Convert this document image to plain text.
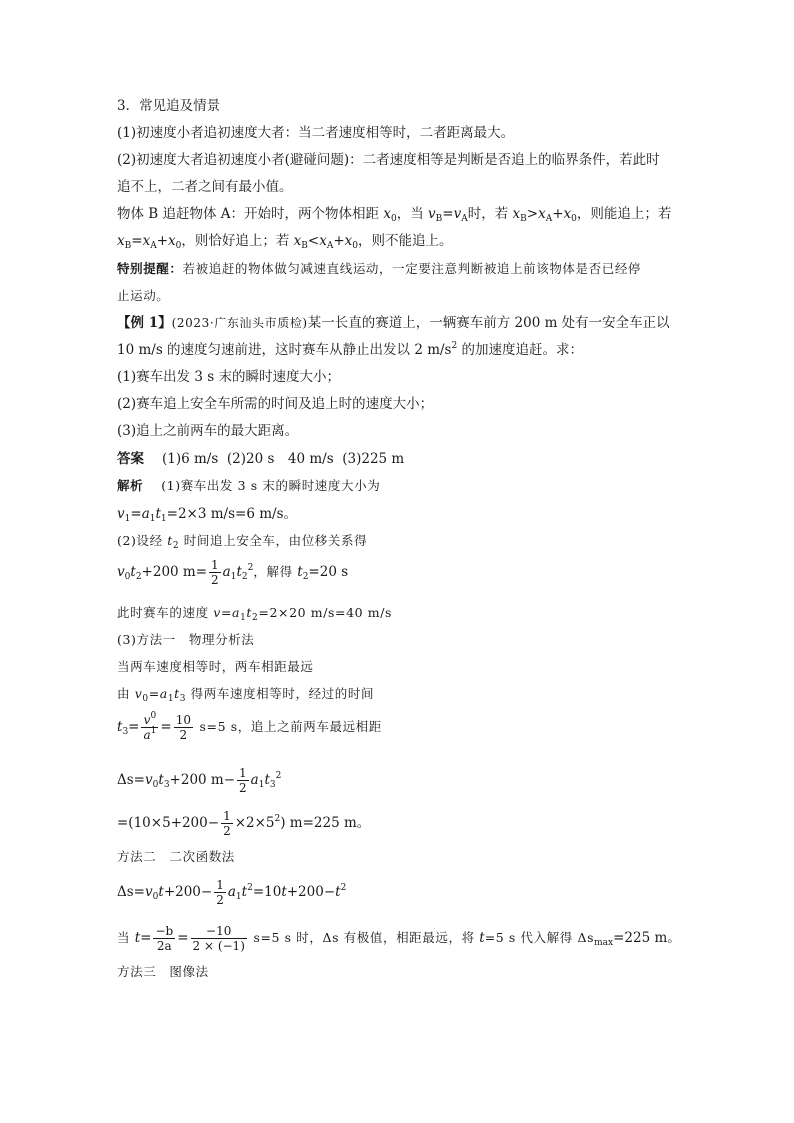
3．常见追及情景
(1)初速度小者追初速度大者：当二者速度相等时，二者距离最大。
(2)初速度大者追初速度小者(避碰问题)：二者速度相等是判断是否追上的临界条件，若此时
追不上，二者之间有最小值。
物体 B 追赶物体 A：开始时，两个物体相距 $x_0$，当 $v_B=v_A$时，若 $x_B>x_A+x_0$，则能追上；若
$x_B=x_A+x_0$，则恰好追上；若 $x_B<x_A+x_0$，则不能追上。
特别提醒：若被追赶的物体做匀减速直线运动，一定要注意判断被追上前该物体是否已经停
止运动。
【例 1】(2023·广东汕头市质检)某一长直的赛道上，一辆赛车前方 200 m 处有一安全车正以
10 m/s 的速度匀速前进，这时赛车从静止出发以 2 $m/s^2$ 的加速度追赶。求：
(1)赛车出发 3 s 末的瞬时速度大小；
(2)赛车追上安全车所需的时间及追上时的速度大小；
(3)追上之前两车的最大距离。
答案 (1)6 m/s (2)20 s　40 m/s (3)225 m
解析 (1)赛车出发 3 s 末的瞬时速度大小为
$v_1=a_1t_1=2\times 3$ m/s=6 m/s。
(2)设经 $t_2$ 时间追上安全车，由位移关系得
$v_0t_2+200$ $m= \frac{1}{2} a_1t_2^2$，解得 $t_2=20$ s
此时赛车的速度 $v=a_1t_2=2\times 20$ m/s=40 m/s
(3)方法一　物理分析法
当两车速度相等时，两车相距最远
由 $v_0=a_1t_3$ 得两车速度相等时，经过的时间
$t_3= \frac{v^0}{a^1} = \frac{10}{2} s=5$ s，追上之前两车最远相距
$\Delta s=v_0t_3+200$ $m- \frac{1}{2} a_1t_3^2$
$=(10\times 5+200- \frac{1}{2} \times 2\times 5^2)$ m=225 m。
方法二　二次函数法
$\Delta s=v_0t+200- \frac{1}{2} a_1t^2=10t+200-t^2$
当 $t= \frac{-b}{2a} = \frac{-10}{2 \times (-1)} s=5$ s 时，Δs 有极值，相距最远，将 t=5 s 代入解得 $\Delta s_{max}=225$ m。
方法三　图像法
